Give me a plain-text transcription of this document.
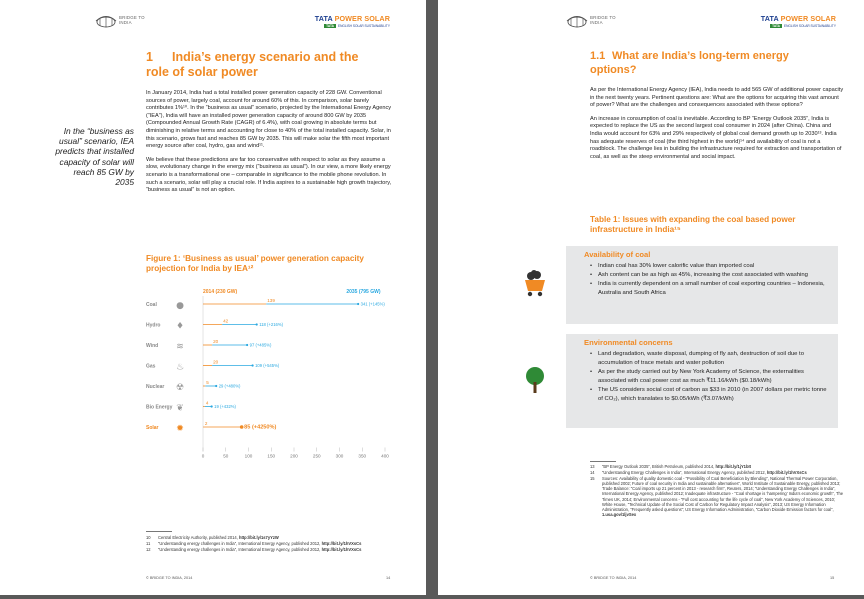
BRIDGE TO INDIA	TATA POWER SOLAR
TATA ENGLISH SOLAR SUSTAINABILITY
1 India’s energy scenario and the role of solar power
In the “business as usual” scenario, IEA predicts that installed capacity of solar will reach 85 GW by 2035

In January 2014, India had a total installed power generation capacity of 228 GW. Conventional sources of power, largely coal, account for around 60% of this. In comparison, solar barely contributes 1%¹⁰. In the “business as usual” scenario, projected by the International Energy Agency (“IEA”), India will have an installed power generation capacity of around 800 GW by 2035 (Compounded Annual Growth Rate (CAGR) of 6.4%), with coal growing in absolute terms but diminishing in relative terms and accounting for close to 40% of the total installed capacity. Solar, in this scenario, grows fast and reaches 85 GW by 2035. This will make solar the fifth most important energy source after coal, hydro, gas and wind¹¹.

We believe that these predictions are far too conservative with respect to solar as they assume a slow, evolutionary change in the energy mix (“business as usual”). In our view, a more likely energy scenario is a transformational one – comparable in significance to the mobile phone revolution. In such a scenario, solar will play a crucial role. If India aspires to a sustainable high growth trajectory, “business as usual” is not an option.

Figure 1: ‘Business as usual’ power generation capacity projection for India by IEA¹²
2014 (230 GW)	2035 (795 GW)
Coal ●
139
341 (+145%)
Hydro ♦
42
118 (+216%)
Wind ≋
20
97 (+485%)
Gas ♨
20
109 (+545%)
Nuclear ☢
5
29 (+480%)
Bio Energy ❦
4
19 (+432%)
Solar ✹
2
85 (+4250%)
0	50	100	150	200	250	300	350	400
10	Central Electricity Authority, published 2014, http://bit.ly/1s7yYzW
11	“Understanding energy challenges in India”, International Energy Agency, published 2012, http://bit.ly/1hVXsCs
12	“Understanding energy challenges in India”, International Energy Agency, published 2012, http://bit.ly/1hVXsCs
© BRIDGE TO INDIA, 2014	14
BRIDGE TO INDIA	TATA POWER SOLAR
TATA ENGLISH SOLAR SUSTAINABILITY
1.1 What are India’s long-term energy options?

As per the International Energy Agency (IEA), India needs to add 565 GW of additional power capacity in the next twenty years. Pertinent questions are: What are the options for acquiring this vast amount of power? What are the challenges and consequences associated with these options?

An increase in consumption of coal is inevitable. According to BP “Energy Outlook 2035”, India is expected to replace the US as the second largest coal consumer in 2024 (after China). China and India would account for 63% and 29% respectively of global coal demand growth up to 2030¹³. India has adequate reserves of coal (the third highest in the world)¹⁴ and availability of coal is not a roadblock. The challenge lies in building the infrastructure required for extraction and transportation of coal, as well as the steep environmental and social impact.

Table 1: Issues with expanding the coal based power infrastructure in India¹⁵
Availability of coal
• Indian coal has 30% lower calorific value than imported coal
• Ash content can be as high as 45%, increasing the cost associated with washing
• India is currently dependent on a small number of coal exporting countries – Indonesia, Australia and South Africa
Environmental concerns
• Land degradation, waste disposal, dumping of fly ash, destruction of soil due to accumulation of trace metals and water pollution
• As per the study carried out by New York Academy of Science, the externalities associated with coal power cost as much ₹11.16/kWh ($0.18/kWh)
• The US considers social cost of carbon as $33 in 2010 (in 2007 dollars per metric tonne of CO₂), which translates to $0.05/kWh (₹3.07/kWh)
13	“BP Energy Outlook 2035”, British Petroleum, published 2014, http://bit.ly/1jY1bIt
14	“Understanding Energy Challenges in India”, International Energy Agency, published 2012, http://bit.ly/1hVXsCs
15	Sources: Availability of quality domestic coal - “Possibility of Coal Beneficiation by Blending”, National Thermal Power Corporation, published 2002; Future of coal security in India and sustainable alternatives”, World Institute of Sustainable Energy, published 2013; Trade Balance: “Coal imports up 21 percent in 2013 - research firm”, Reuters, 2014; “Understanding Energy Challenges in India”, International Energy Agency, published 2012; Inadequate infrastructure - “Coal shortage is ‘hampering’ India’s economic growth”, The Times UK, 2014; Environmental concerns - “Full cost accounting for the life cycle of coal”, New York Academy of Sciences, 2010; White House, “Technical Update of the Social Cost of Carbon for Regulatory Impact Analysis”, 2013; US Energy Information Administration, “Frequently asked questions”; US Energy Information Administration, “Carbon Dioxide Emission factors for coal”, 1.usa.gov/1ljvSex
© BRIDGE TO INDIA, 2014	15
